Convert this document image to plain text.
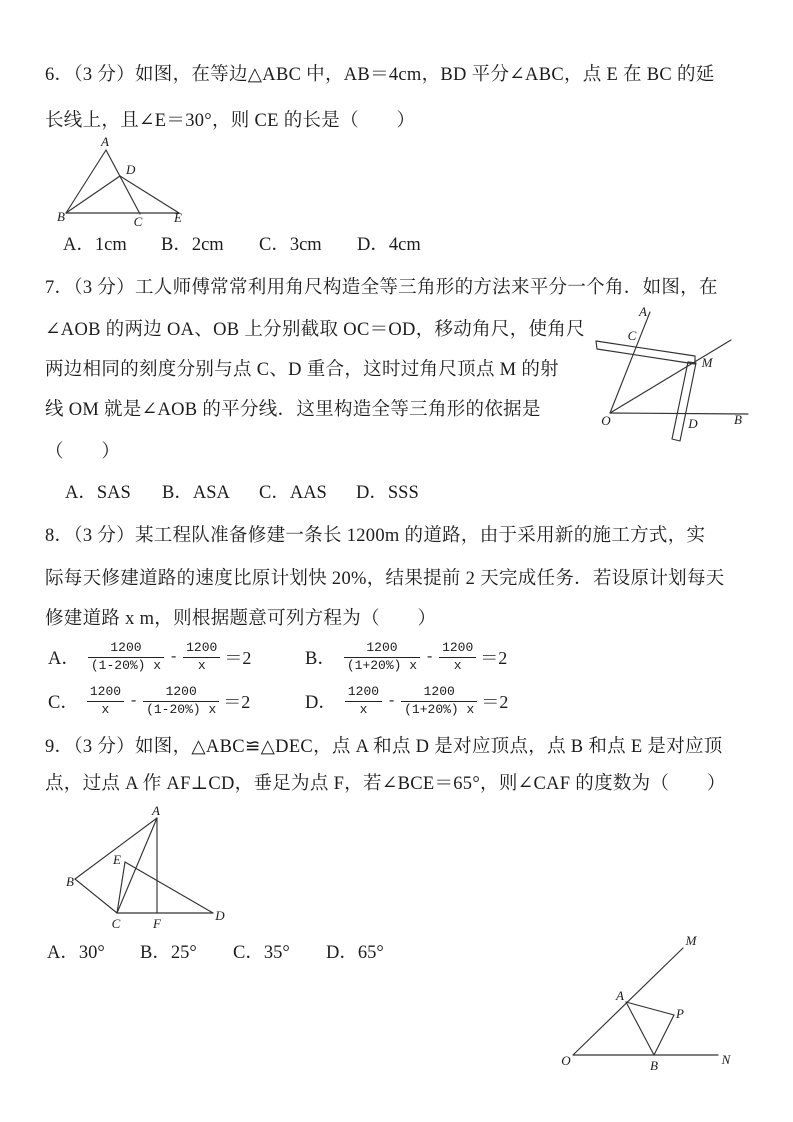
6．（3 分）如图，在等边△ABC 中，AB＝4cm，BD 平分∠ABC，点 E 在 BC 的延
长线上，且∠E＝30°，则 CE 的长是（　　）
A．1cm	B．2cm	C．3cm	D．4cm
7．（3 分）工人师傅常常利用角尺构造全等三角形的方法来平分一个角．如图，在
∠AOB 的两边 OA、OB 上分别截取 OC＝OD，移动角尺，使角尺
两边相同的刻度分别与点 C、D 重合，这时过角尺顶点 M 的射
线 OM 就是∠AOB 的平分线．这里构造全等三角形的依据是
（　　）
A．SAS	B．ASA	C．AAS	D．SSS
8．（3 分）某工程队准备修建一条长 1200m 的道路，由于采用新的施工方式，实
际每天修建道路的速度比原计划快 20%，结果提前 2 天完成任务．若设原计划每天
修建道路 x m，则根据题意可列方程为（　　）
A． $\frac{1200}{(1-20\%) x} - \frac{1200}{x} =2$	B． $\frac{1200}{(1+20\%) x} - \frac{1200}{x} =2$
C． $\frac{1200}{x} - \frac{1200}{(1-20\%) x} =2$	D． $\frac{1200}{x} - \frac{1200}{(1+20\%) x} =2$
9．（3 分）如图，△ABC≌△DEC，点 A 和点 D 是对应顶点，点 B 和点 E 是对应顶
点，过点 A 作 AF⊥CD，垂足为点 F，若∠BCE＝65°，则∠CAF 的度数为（　　）
A．30°	B．25°	C．35°	D．65°
A
B	C
D
E
A
C
M
O	D	B
A
B
C
D
E
F
M
A
P
O	B	N
